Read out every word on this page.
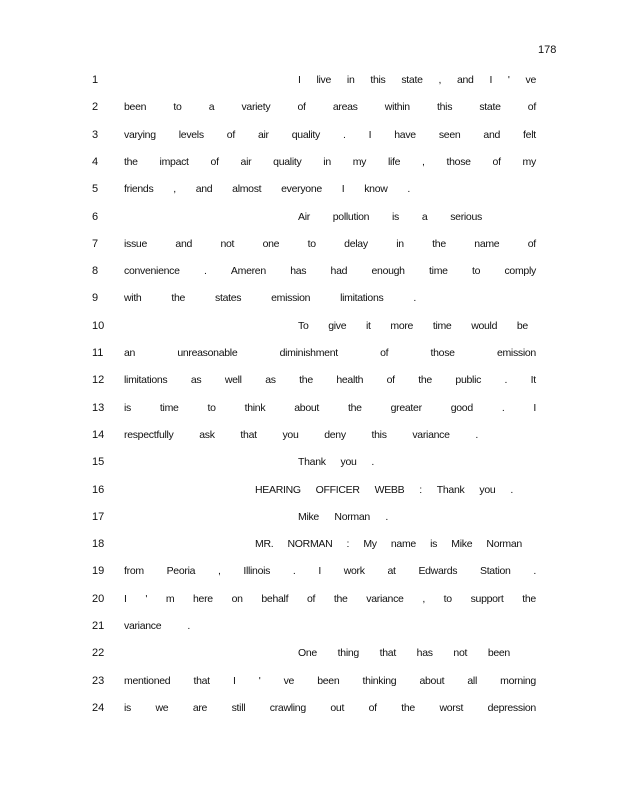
178
1	I live in this state , and I ' ve
2	been	to	a	variety	of	areas	within	this	state	of
3	varying levels of air quality . I have seen and felt
4	the impact of air quality in my life , those of my
5	friends , and almost everyone I know .
6	Air pollution is a serious
7	issue	and	not	one	to	delay	in	the	name	of
8	convenience . Ameren has had enough time to comply
9	with	the	states	emission	limitations	.
10	To give it more time would be
11	an	unreasonable	diminishment	of	those	emission
12	limitations as well as the health of the public . It
13	is	time	to	think	about	the	greater	good	.	I
14	respectfully ask that you deny this variance .
15	Thank you .
16	HEARING OFFICER WEBB : Thank you .
17	Mike Norman .
18	MR. NORMAN : My name is Mike Norman
19	from Peoria , Illinois . I work at Edwards Station .
20	I ' m here on behalf of the variance , to support the
21	variance .
22	One thing that has not been
23	mentioned that I ' ve been thinking about all morning
24	is we are still crawling out of the worst depression
